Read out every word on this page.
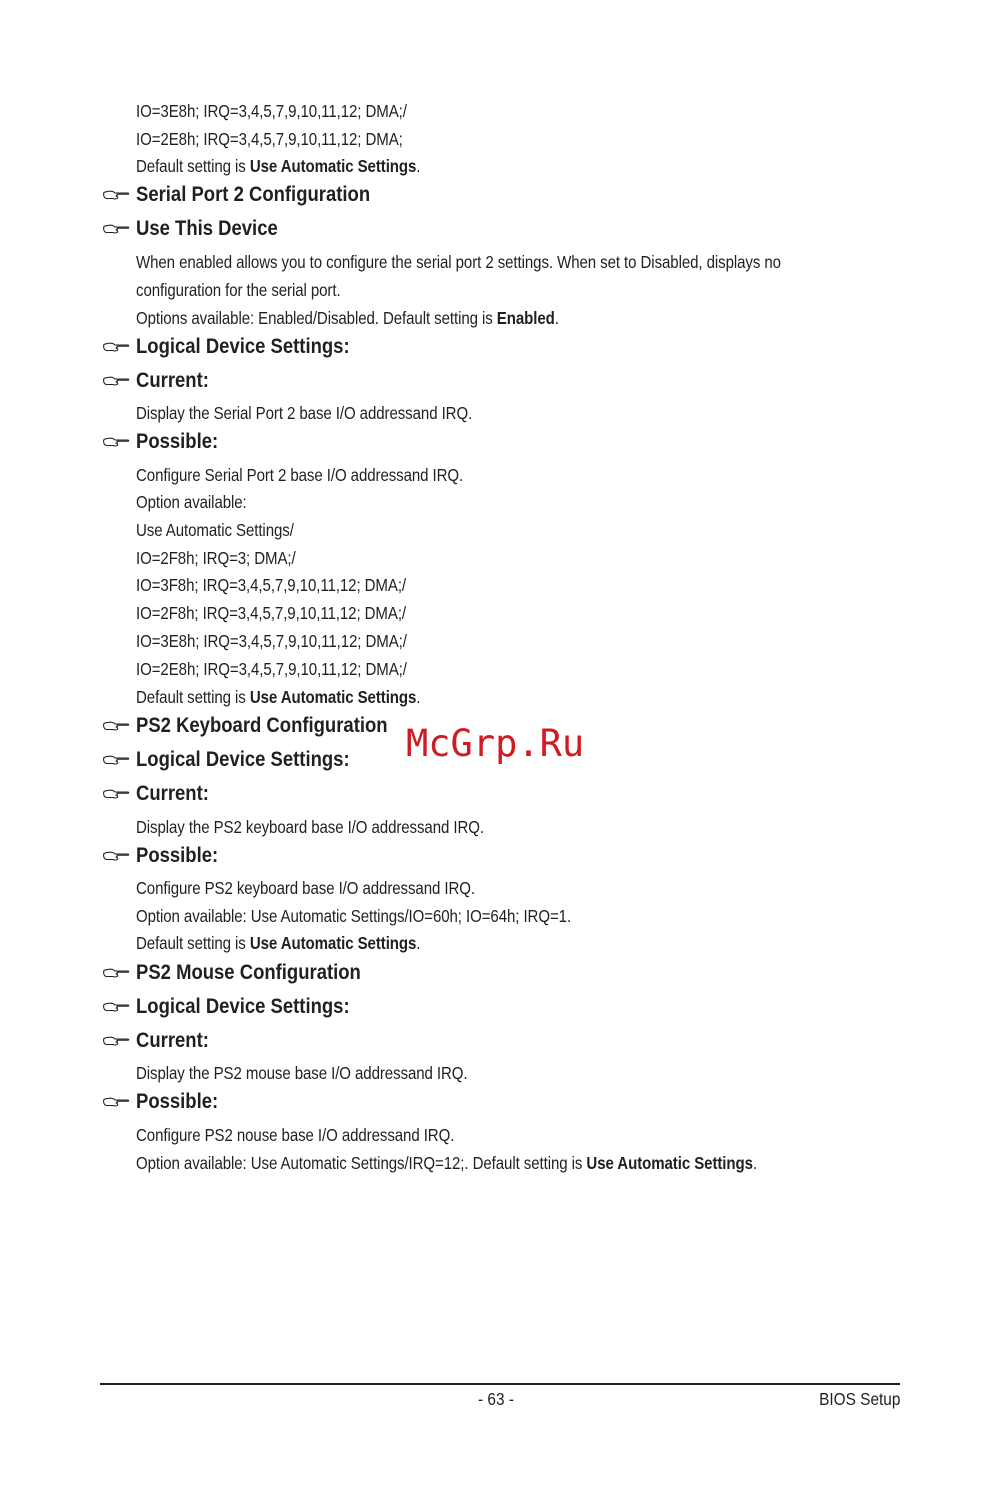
IO=3E8h; IRQ=3,4,5,7,9,10,11,12; DMA;/
IO=2E8h; IRQ=3,4,5,7,9,10,11,12; DMA;
Default setting is Use Automatic Settings.
Serial Port 2 Configuration
Use This Device
When enabled allows you to configure the serial port 2 settings. When set to Disabled, displays no
configuration for the serial port.
Options available: Enabled/Disabled. Default setting is Enabled.
Logical Device Settings:
Current:
Display the Serial Port 2 base I/O addressand IRQ.
Possible:
Configure Serial Port 2 base I/O addressand IRQ.
Option available:
Use Automatic Settings/
IO=2F8h; IRQ=3; DMA;/
IO=3F8h; IRQ=3,4,5,7,9,10,11,12; DMA;/
IO=2F8h; IRQ=3,4,5,7,9,10,11,12; DMA;/
IO=3E8h; IRQ=3,4,5,7,9,10,11,12; DMA;/
IO=2E8h; IRQ=3,4,5,7,9,10,11,12; DMA;/
Default setting is Use Automatic Settings.
PS2 Keyboard Configuration
Logical Device Settings:
Current:
Display the PS2 keyboard base I/O addressand IRQ.
Possible:
Configure PS2 keyboard base I/O addressand IRQ.
Option available: Use Automatic Settings/IO=60h; IO=64h; IRQ=1.
Default setting is Use Automatic Settings.
PS2 Mouse Configuration
Logical Device Settings:
Current:
Display the PS2 mouse base I/O addressand IRQ.
Possible:
Configure PS2 nouse base I/O addressand IRQ.
Option available: Use Automatic Settings/IRQ=12;. Default setting is Use Automatic Settings.
McGrp.Ru
- 63 -	BIOS Setup
